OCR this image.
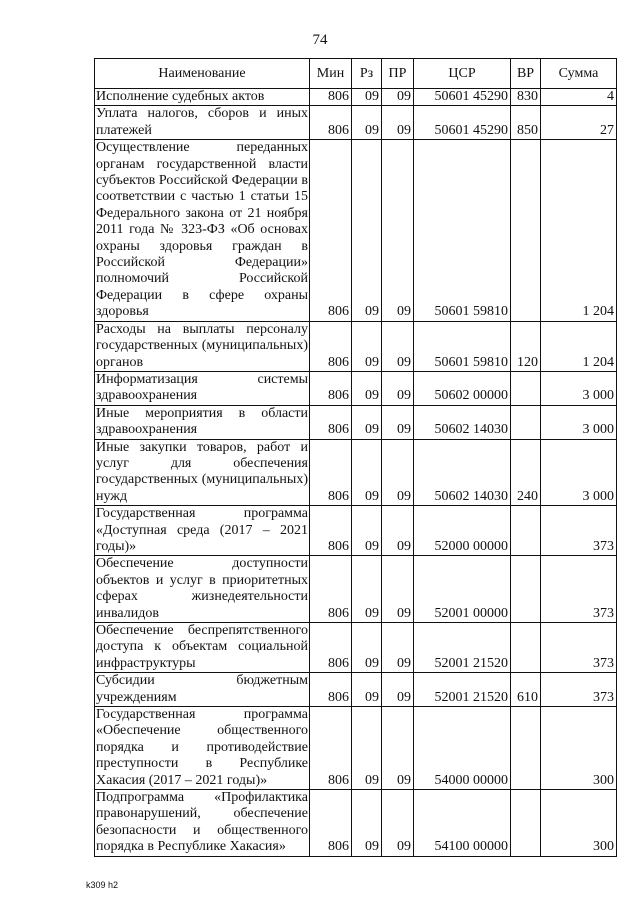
74
Наименование	Мин	Рз	ПР	ЦСР	ВР	Сумма
Исполнение судебных актов	806	09	09	50601 45290	830	4
Уплата налогов, сборов и иных платежей	806	09	09	50601 45290	850	27
Осуществление переданных органам государственной власти субъектов Российской Федерации в соответствии с частью 1 статьи 15 Федерального закона от 21 ноября 2011 года № 323-ФЗ «Об основах охраны здоровья граждан в Российской Федерации» полномочий Российской Федерации в сфере охраны здоровья	806	09	09	50601 59810		1 204
Расходы на выплаты персоналу государственных (муниципальных) органов	806	09	09	50601 59810	120	1 204
Информатизация системы здравоохранения	806	09	09	50602 00000		3 000
Иные мероприятия в области здравоохранения	806	09	09	50602 14030		3 000
Иные закупки товаров, работ и услуг для обеспечения государственных (муниципальных) нужд	806	09	09	50602 14030	240	3 000
Государственная программа «Доступная среда (2017 – 2021 годы)»	806	09	09	52000 00000		373
Обеспечение доступности объектов и услуг в приоритетных сферах жизнедеятельности инвалидов	806	09	09	52001 00000		373
Обеспечение беспрепятственного доступа к объектам социальной инфраструктуры	806	09	09	52001 21520		373
Субсидии бюджетным учреждениям	806	09	09	52001 21520	610	373
Государственная программа «Обеспечение общественного порядка и противодействие преступности в Республике Хакасия (2017 – 2021 годы)»	806	09	09	54000 00000		300
Подпрограмма «Профилактика правонарушений, обеспечение безопасности и общественного порядка в Республике Хакасия»	806	09	09	54100 00000		300
k309 h2
